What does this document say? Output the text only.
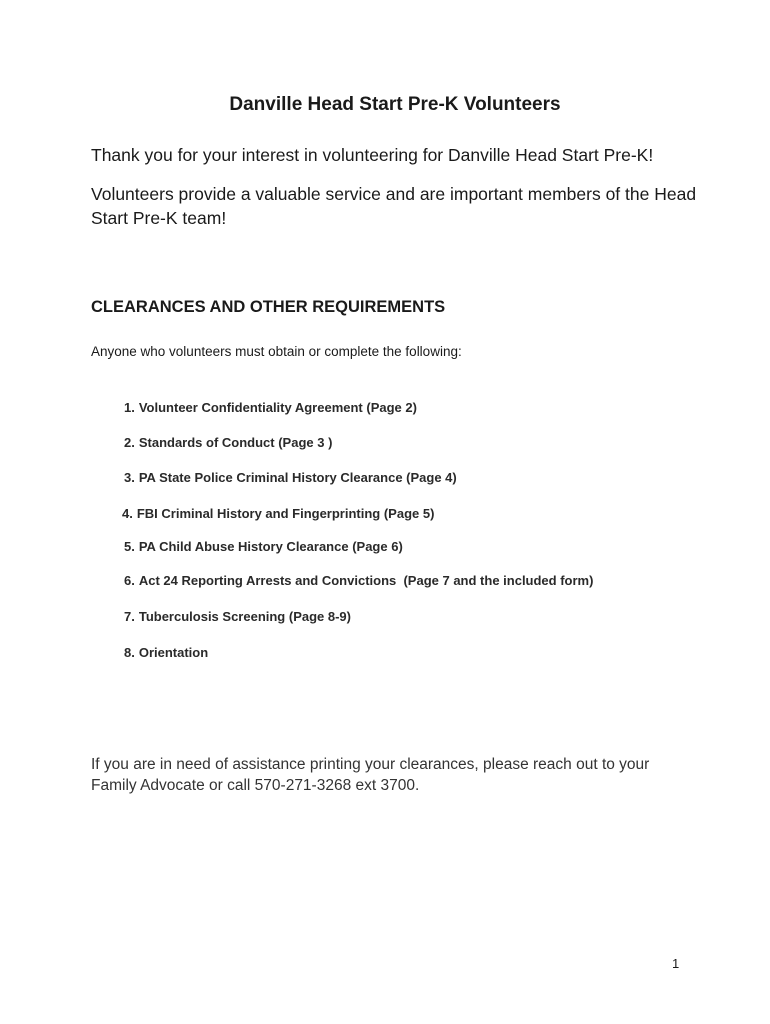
Danville Head Start Pre-K Volunteers

Thank you for your interest in volunteering for Danville Head Start Pre-K!

Volunteers provide a valuable service and are important members of the Head Start Pre-K team!

CLEARANCES AND OTHER REQUIREMENTS

Anyone who volunteers must obtain or complete the following:

1. Volunteer Confidentiality Agreement (Page 2)
2. Standards of Conduct (Page 3 )
3. PA State Police Criminal History Clearance (Page 4)
4. FBI Criminal History and Fingerprinting (Page 5)
5. PA Child Abuse History Clearance (Page 6)
6. Act 24 Reporting Arrests and Convictions  (Page 7 and the included form)
7. Tuberculosis Screening (Page 8-9)
8. Orientation

If you are in need of assistance printing your clearances, please reach out to your Family Advocate or call 570-271-3268 ext 3700.

1
